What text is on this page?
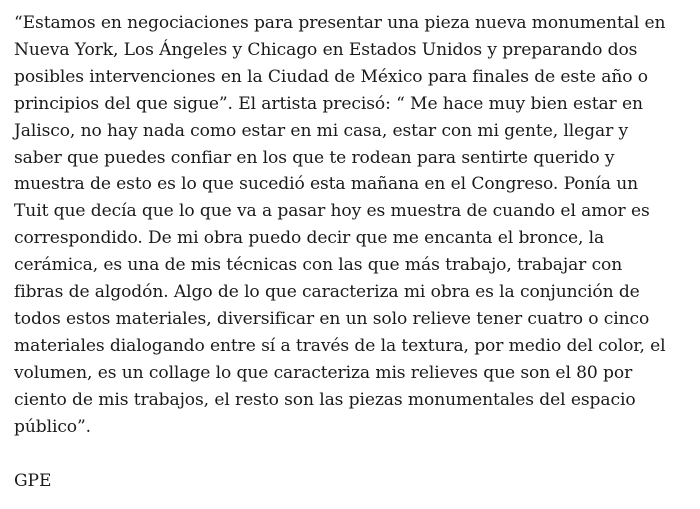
“Estamos en negociaciones para presentar una pieza nueva monumental en
Nueva York, Los Ángeles y Chicago en Estados Unidos y preparando dos
posibles intervenciones en la Ciudad de México para finales de este año o
principios del que sigue”. El artista precisó: “ Me hace muy bien estar en
Jalisco, no hay nada como estar en mi casa, estar con mi gente, llegar y
saber que puedes confiar en los que te rodean para sentirte querido y
muestra de esto es lo que sucedió esta mañana en el Congreso. Ponía un
Tuit que decía que lo que va a pasar hoy es muestra de cuando el amor es
correspondido. De mi obra puedo decir que me encanta el bronce, la
cerámica, es una de mis técnicas con las que más trabajo, trabajar con
fibras de algodón. Algo de lo que caracteriza mi obra es la conjunción de
todos estos materiales, diversificar en un solo relieve tener cuatro o cinco
materiales dialogando entre sí a través de la textura, por medio del color, el
volumen, es un collage lo que caracteriza mis relieves que son el 80 por
ciento de mis trabajos, el resto son las piezas monumentales del espacio
público”.

GPE
